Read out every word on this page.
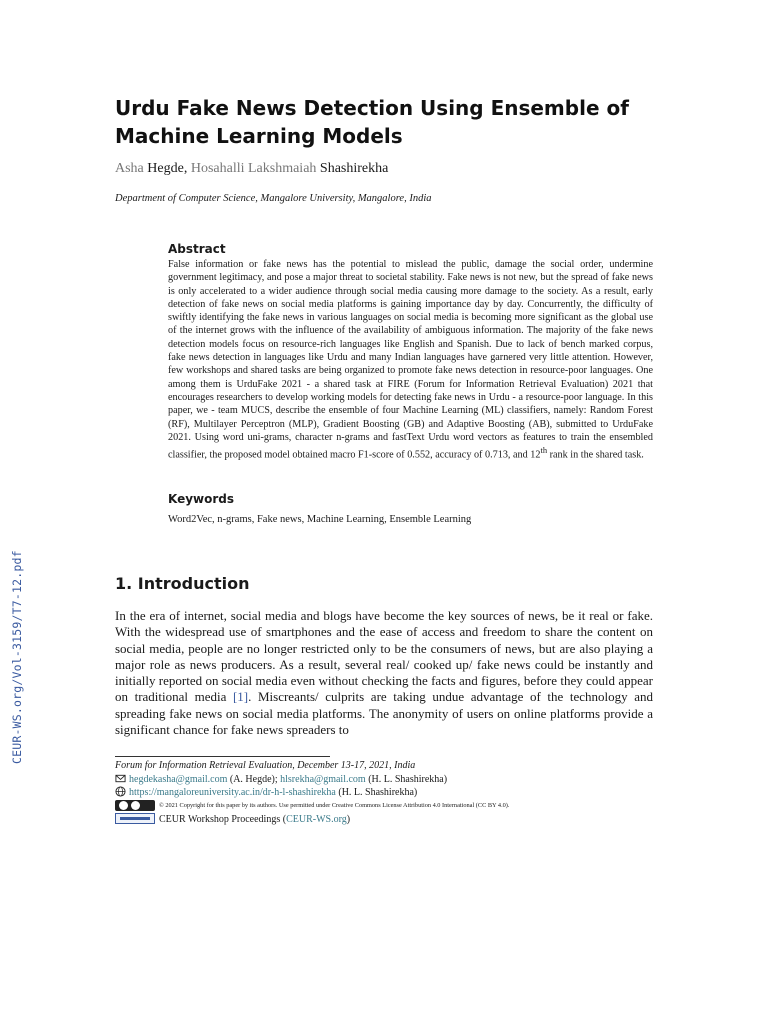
CEUR-WS.org/Vol-3159/T7-12.pdf
Urdu Fake News Detection Using Ensemble of Machine Learning Models
Asha Hegde, Hosahalli Lakshmaiah Shashirekha
Department of Computer Science, Mangalore University, Mangalore, India
Abstract

False information or fake news has the potential to mislead the public, damage the social order, undermine government legitimacy, and pose a major threat to societal stability. Fake news is not new, but the spread of fake news is only accelerated to a wider audience through social media causing more damage to the society. As a result, early detection of fake news on social media platforms is gaining importance day by day. Concurrently, the difficulty of swiftly identifying the fake news in various languages on social media is becoming more significant as the global use of the internet grows with the influence of the availability of ambiguous information. The majority of the fake news detection models focus on resource-rich languages like English and Spanish. Due to lack of bench marked corpus, fake news detection in languages like Urdu and many Indian languages have garnered very little attention. However, few workshops and shared tasks are being organized to promote fake news detection in resource-poor languages. One among them is UrduFake 2021 - a shared task at FIRE (Forum for Information Retrieval Evaluation) 2021 that encourages researchers to develop working models for detecting fake news in Urdu - a resource-poor language. In this paper, we - team MUCS, describe the ensemble of four Machine Learning (ML) classifiers, namely: Random Forest (RF), Multilayer Perceptron (MLP), Gradient Boosting (GB) and Adaptive Boosting (AB), submitted to UrduFake 2021. Using word uni-grams, character n-grams and fastText Urdu word vectors as features to train the ensembled classifier, the proposed model obtained macro F1-score of 0.552, accuracy of 0.713, and 12th rank in the shared task.

Keywords
Word2Vec, n-grams, Fake news, Machine Learning, Ensemble Learning
1. Introduction

In the era of internet, social media and blogs have become the key sources of news, be it real or fake. With the widespread use of smartphones and the ease of access and freedom to share the content on social media, people are no longer restricted only to be the consumers of news, but are also playing a major role as news producers. As a result, several real/ cooked up/ fake news could be instantly and initially reported on social media even without checking the facts and figures, before they could appear on traditional media [1]. Miscreants/ culprits are taking undue advantage of the technology and spreading fake news on social media platforms. The anonymity of users on online platforms provide a significant chance for fake news spreaders to

Forum for Information Retrieval Evaluation, December 13-17, 2021, India
hegdekasha@gmail.com (A. Hegde); hlsrekha@gmail.com (H. L. Shashirekha)
https://mangaloreuniversity.ac.in/dr-h-l-shashirekha (H. L. Shashirekha)
$^{© 2021 Copyright for this paper by its authors. Use permitted under Creative Commons License Attribution 4.0 International (CC BY 4.0).}$
CEUR Workshop Proceedings (CEUR-WS.org)
